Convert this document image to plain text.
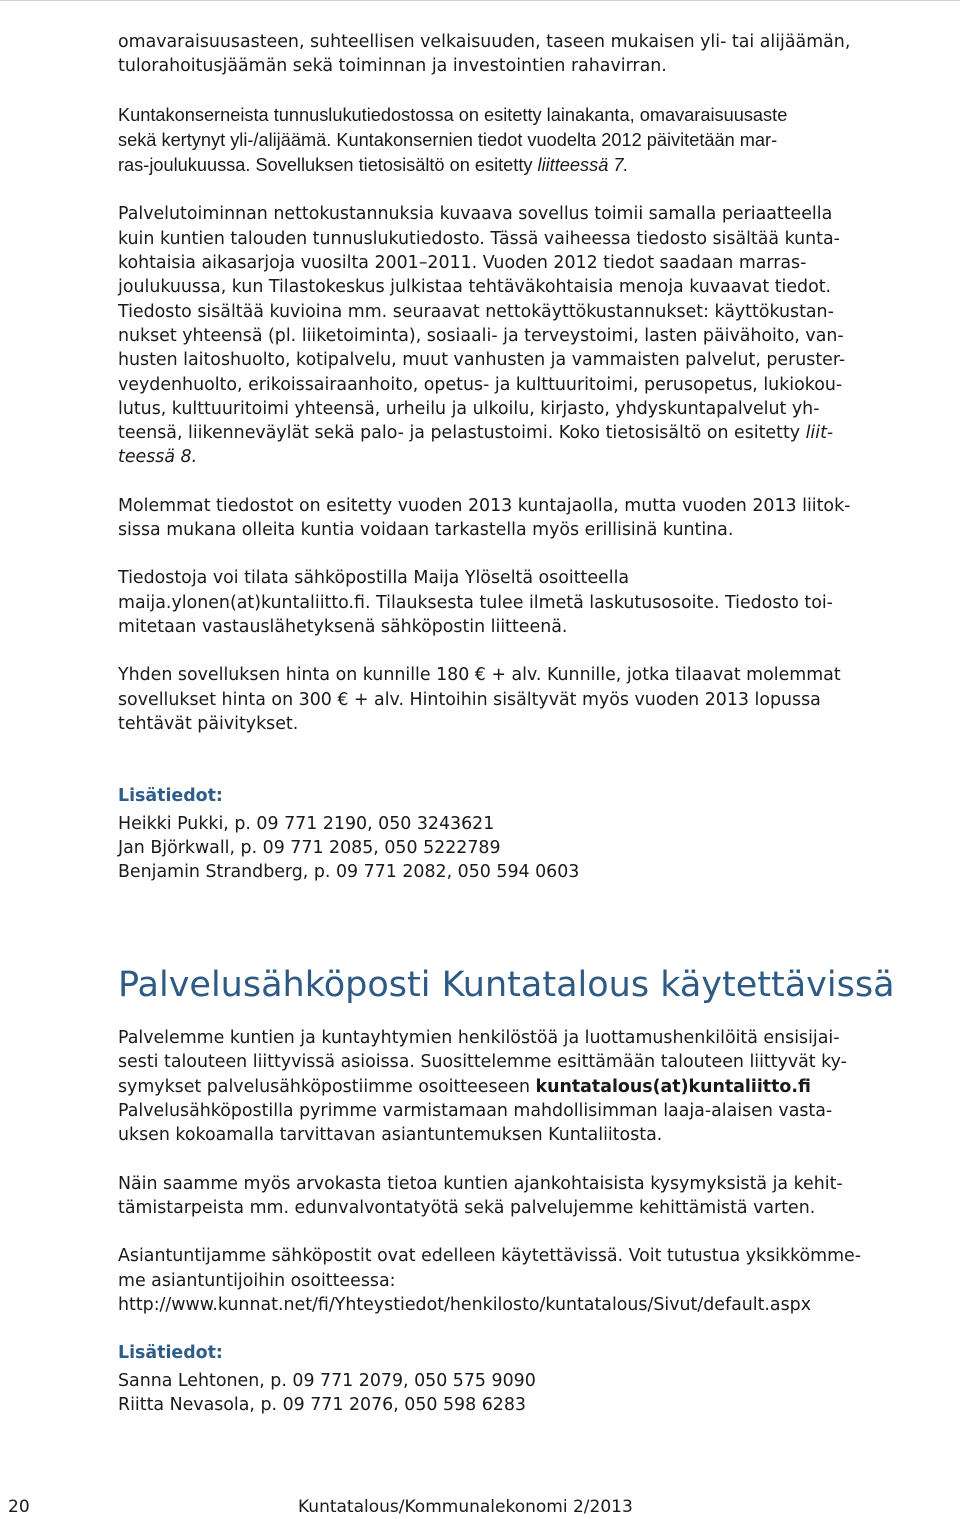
omavaraisuusasteen, suhteellisen velkaisuuden, taseen mukaisen yli- tai alijäämän,
tulorahoitusjäämän sekä toiminnan ja investointien rahavirran.

Kuntakonserneista tunnuslukutiedostossa on esitetty lainakanta, omavaraisuusaste
sekä kertynyt yli-/alijäämä. Kuntakonsernien tiedot vuodelta 2012 päivitetään mar-
ras-joulukuussa. Sovelluksen tietosisältö on esitetty liitteessä 7.

Palvelutoiminnan nettokustannuksia kuvaava sovellus toimii samalla periaatteella
kuin kuntien talouden tunnuslukutiedosto. Tässä vaiheessa tiedosto sisältää kunta-
kohtaisia aikasarjoja vuosilta 2001–2011. Vuoden 2012 tiedot saadaan marras-
joulukuussa, kun Tilastokeskus julkistaa tehtäväkohtaisia menoja kuvaavat tiedot.
Tiedosto sisältää kuvioina mm. seuraavat nettokäyttökustannukset: käyttökustan-
nukset yhteensä (pl. liiketoiminta), sosiaali- ja terveystoimi, lasten päivähoito, van-
husten laitoshuolto, kotipalvelu, muut vanhusten ja vammaisten palvelut, peruster-
veydenhuolto, erikoissairaanhoito, opetus- ja kulttuuritoimi, perusopetus, lukiokou-
lutus, kulttuuritoimi yhteensä, urheilu ja ulkoilu, kirjasto, yhdyskuntapalvelut yh-
teensä, liikenneväylät sekä palo- ja pelastustoimi. Koko tietosisältö on esitetty liit-
teessä 8.

Molemmat tiedostot on esitetty vuoden 2013 kuntajaolla, mutta vuoden 2013 liitok-
sissa mukana olleita kuntia voidaan tarkastella myös erillisinä kuntina.

Tiedostoja voi tilata sähköpostilla Maija Ylöseltä osoitteella
maija.ylonen(at)kuntaliitto.fi. Tilauksesta tulee ilmetä laskutusosoite. Tiedosto toi-
mitetaan vastauslähetyksenä sähköpostin liitteenä.

Yhden sovelluksen hinta on kunnille 180 € + alv. Kunnille, jotka tilaavat molemmat
sovellukset hinta on 300 € + alv. Hintoihin sisältyvät myös vuoden 2013 lopussa
tehtävät päivitykset.

Lisätiedot:

Heikki Pukki, p. 09 771 2190, 050 3243621

Jan Björkwall, p. 09 771 2085, 050 5222789

Benjamin Strandberg, p. 09 771 2082, 050 594 0603

Palvelusähköposti Kuntatalous käytettävissä

Palvelemme kuntien ja kuntayhtymien henkilöstöä ja luottamushenkilöitä ensisijai-
sesti talouteen liittyvissä asioissa. Suosittelemme esittämään talouteen liittyvät ky-
symykset palvelusähköpostiimme osoitteeseen kuntatalous(at)kuntaliitto.fi
Palvelusähköpostilla pyrimme varmistamaan mahdollisimman laaja-alaisen vasta-
uksen kokoamalla tarvittavan asiantuntemuksen Kuntaliitosta.

Näin saamme myös arvokasta tietoa kuntien ajankohtaisista kysymyksistä ja kehit-
tämistarpeista mm. edunvalvontatyötä sekä palvelujemme kehittämistä varten.

Asiantuntijamme sähköpostit ovat edelleen käytettävissä. Voit tutustua yksikkömme-
me asiantuntijoihin osoitteessa:
http://www.kunnat.net/fi/Yhteystiedot/henkilosto/kuntatalous/Sivut/default.aspx

Lisätiedot:

Sanna Lehtonen, p. 09 771 2079, 050 575 9090

Riitta Nevasola, p. 09 771 2076, 050 598 6283

20	Kuntatalous/Kommunalekonomi 2/2013
